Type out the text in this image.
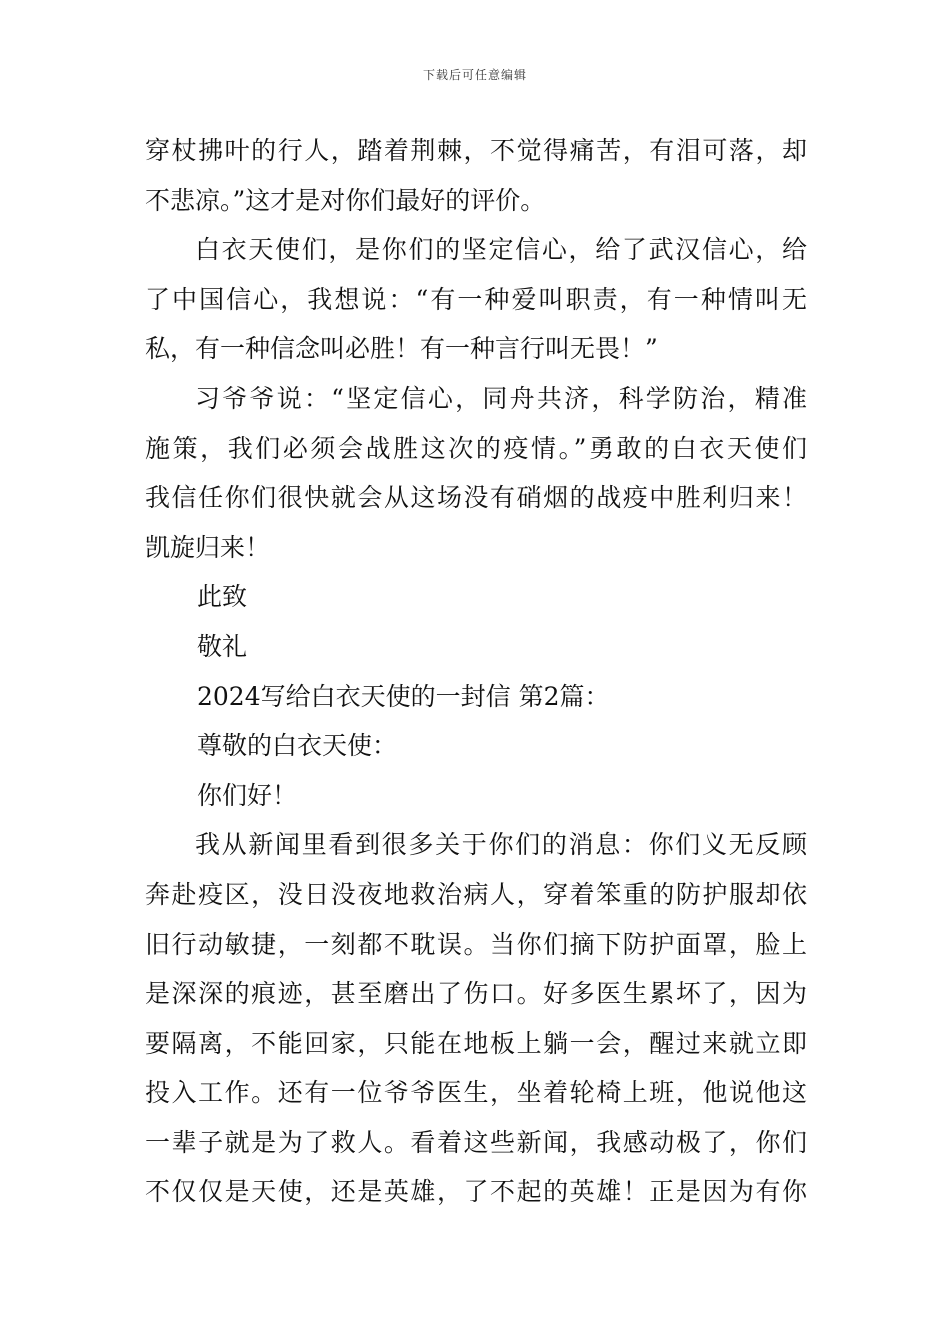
下载后可任意编辑
穿杖拂叶的行人，踏着荆棘，不觉得痛苦，有泪可落，却
不悲凉。”这才是对你们最好的评价。
白衣天使们，是你们的坚定信心，给了武汉信心，给
了中国信心，我想说：“有一种爱叫职责，有一种情叫无
私，有一种信念叫必胜！有一种言行叫无畏！”
习爷爷说：“坚定信心，同舟共济，科学防治，精准
施策，我们必须会战胜这次的疫情。”勇敢的白衣天使们
我信任你们很快就会从这场没有硝烟的战疫中胜利归来！
凯旋归来！
此致
敬礼
2024写给白衣天使的一封信 第2篇：
尊敬的白衣天使：
你们好！
我从新闻里看到很多关于你们的消息：你们义无反顾
奔赴疫区，没日没夜地救治病人，穿着笨重的防护服却依
旧行动敏捷，一刻都不耽误。当你们摘下防护面罩，脸上
是深深的痕迹，甚至磨出了伤口。好多医生累坏了，因为
要隔离，不能回家，只能在地板上躺一会，醒过来就立即
投入工作。还有一位爷爷医生，坐着轮椅上班，他说他这
一辈子就是为了救人。看着这些新闻，我感动极了，你们
不仅仅是天使，还是英雄，了不起的英雄！正是因为有你
